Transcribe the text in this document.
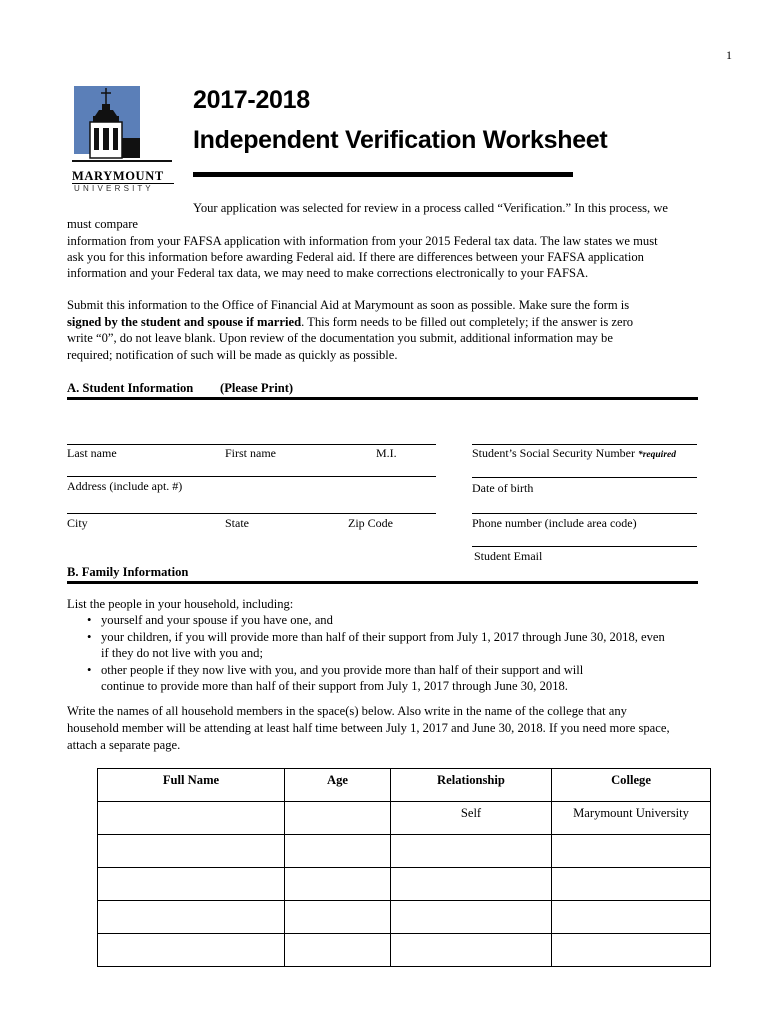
1
MARYMOUNT
U N I V E R S I T Y
2017-2018
Independent Verification Worksheet
Your application was selected for review in a process called “Verification.” In this process, we
must compare
information from your FAFSA application with information from your 2015 Federal tax data. The law states we must
ask you for this information before awarding Federal aid. If there are differences between your FAFSA application
information and your Federal tax data, we may need to make corrections electronically to your FAFSA.
Submit this information to the Office of Financial Aid at Marymount as soon as possible. Make sure the form is
signed by the student and spouse if married. This form needs to be filled out completely; if the answer is zero
write “0”, do not leave blank. Upon review of the documentation you submit, additional information may be
required; notification of such will be made as quickly as possible.
A. Student Information (Please Print)
Last name	First name	M.I.	Student’s Social Security Number *required
Address (include apt. #)	Date of birth
City	State	Zip Code	Phone number (include area code)
Student Email
B. Family Information
List the people in your household, including:
• yourself and your spouse if you have one, and
• your children, if you will provide more than half of their support from July 1, 2017 through June 30, 2018, even
if they do not live with you and;
• other people if they now live with you, and you provide more than half of their support and will
continue to provide more than half of their support from July 1, 2017 through June 30, 2018.
Write the names of all household members in the space(s) below. Also write in the name of the college that any
household member will be attending at least half time between July 1, 2017 and June 30, 2018. If you need more space,
attach a separate page.
Full Name	Age	Relationship	College
		Self	Marymount University
